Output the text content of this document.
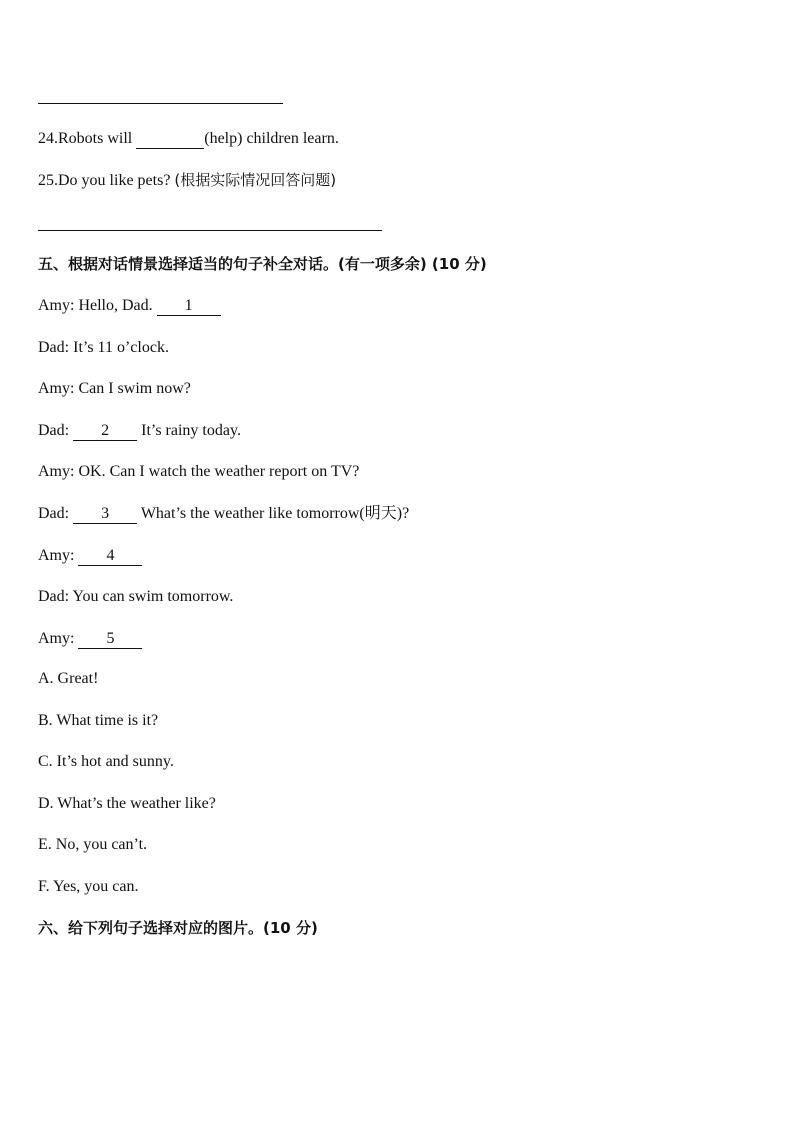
24.Robots will	(help) children learn.
25.Do you like pets? (根据实际情况回答问题)
五、根据对话情景选择适当的句子补全对话。(有一项多余) (10 分)
Amy: Hello, Dad. 1
Dad: It’s 11 o’clock.
Amy: Can I swim now?
Dad: 2 It’s rainy today.
Amy: OK. Can I watch the weather report on TV?
Dad: 3 What’s the weather like tomorrow(明天)?
Amy: 4
Dad: You can swim tomorrow.
Amy: 5
A. Great!
B. What time is it?
C. It’s hot and sunny.
D. What’s the weather like?
E. No, you can’t.
F. Yes, you can.
六、给下列句子选择对应的图片。(10 分)
